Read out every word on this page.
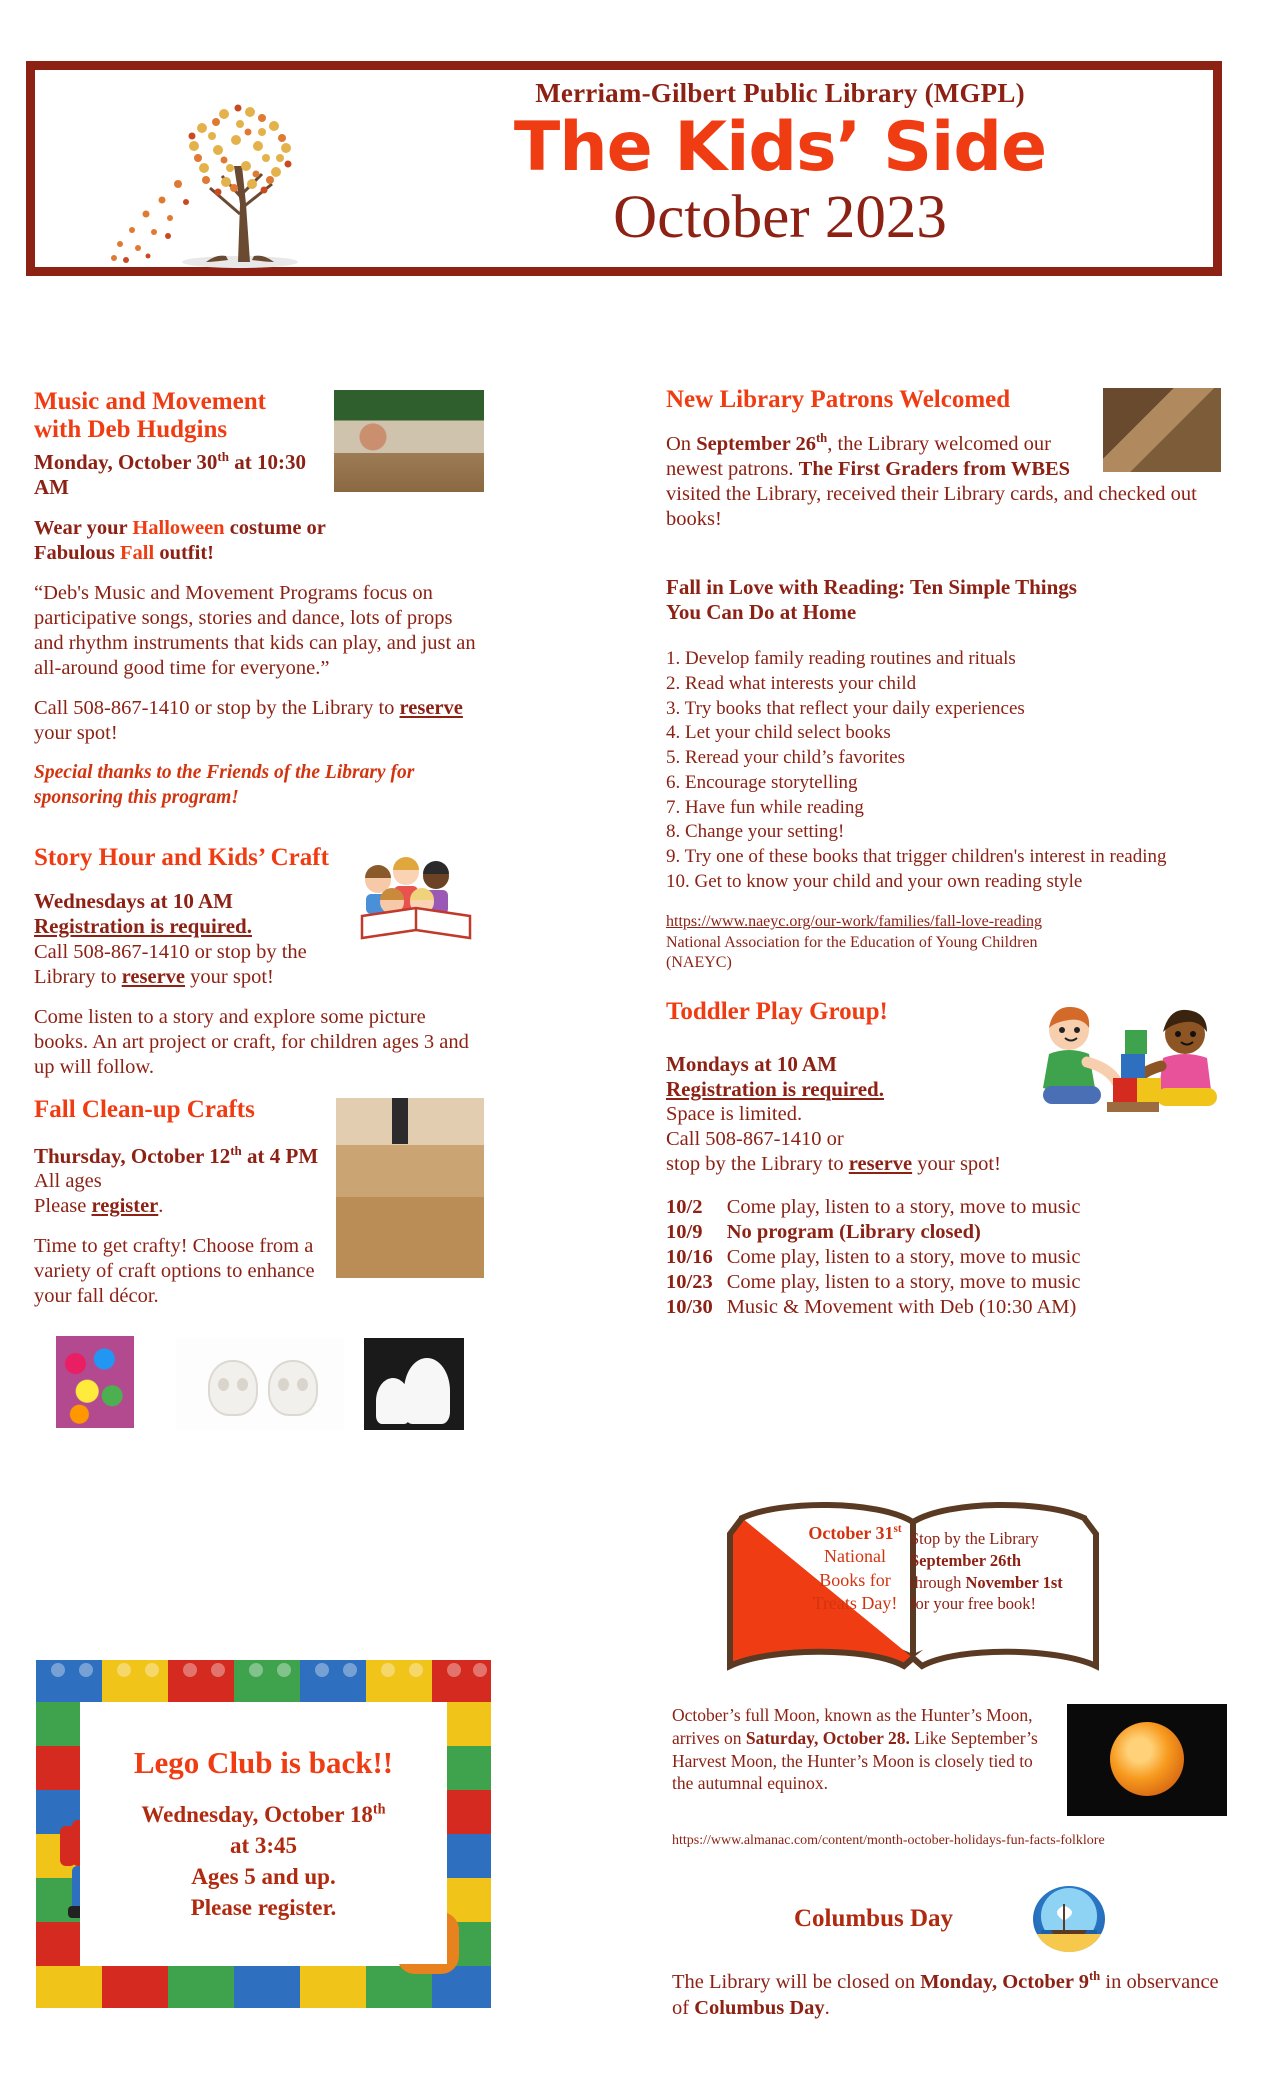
Merriam-Gilbert Public Library (MGPL)
The Kids’ Side
October 2023
Music and Movement
with Deb Hudgins
Monday, October 30th at 10:30 AM

Wear your Halloween costume or
Fabulous Fall outfit!

“Deb's Music and Movement Programs focus on participative songs, stories and dance, lots of props and rhythm instruments that kids can play, and just an all-around good time for everyone.”

Call 508-867-1410 or stop by the Library to reserve your spot!

Special thanks to the Friends of the Library for sponsoring this program!

Story Hour and Kids’ Craft

Wednesdays at 10 AM

Registration is required.

Call 508-867-1410 or stop by the
Library to reserve your spot!

Come listen to a story and explore some picture books. An art project or craft, for children ages 3 and up will follow.

Fall Clean-up Crafts

Thursday, October 12th at 4 PM

All ages

Please register.

Time to get crafty! Choose from a variety of craft options to enhance your fall décor.

Lego Club is back!!
Wednesday, October 18th
at 3:45
Ages 5 and up.
Please register.
New Library Patrons Welcomed

On September 26th, the Library welcomed our newest patrons. The First Graders from WBES visited the Library, received their Library cards, and checked out books!

Fall in Love with Reading: Ten Simple Things
You Can Do at Home
1. Develop family reading routines and rituals
2. Read what interests your child
3. Try books that reflect your daily experiences
4. Let your child select books
5. Reread your child’s favorites
6. Encourage storytelling
7. Have fun while reading
8. Change your setting!
9. Try one of these books that trigger children's interest in reading
10. Get to know your child and your own reading style
https://www.naeyc.org/our-work/families/fall-love-reading
National Association for the Education of Young Children
(NAEYC)
Toddler Play Group!

Mondays at 10 AM

Registration is required.

Space is limited.

Call 508-867-1410 or

stop by the Library to reserve your spot!

10/2	Come play, listen to a story, move to music
10/9	No program (Library closed)
10/16	Come play, listen to a story, move to music
10/23	Come play, listen to a story, move to music
10/30	Music & Movement with Deb (10:30 AM)
October 31st
National
Books for
Treats Day!
Stop by the Library
September 26th
through November 1st
for your free book!
October’s full Moon, known as the Hunter’s Moon, arrives on Saturday, October 28. Like September’s Harvest Moon, the Hunter’s Moon is closely tied to the autumnal equinox.
https://www.almanac.com/content/month-october-holidays-fun-facts-folklore
Columbus Day
The Library will be closed on Monday, October 9th in observance of Columbus Day.
